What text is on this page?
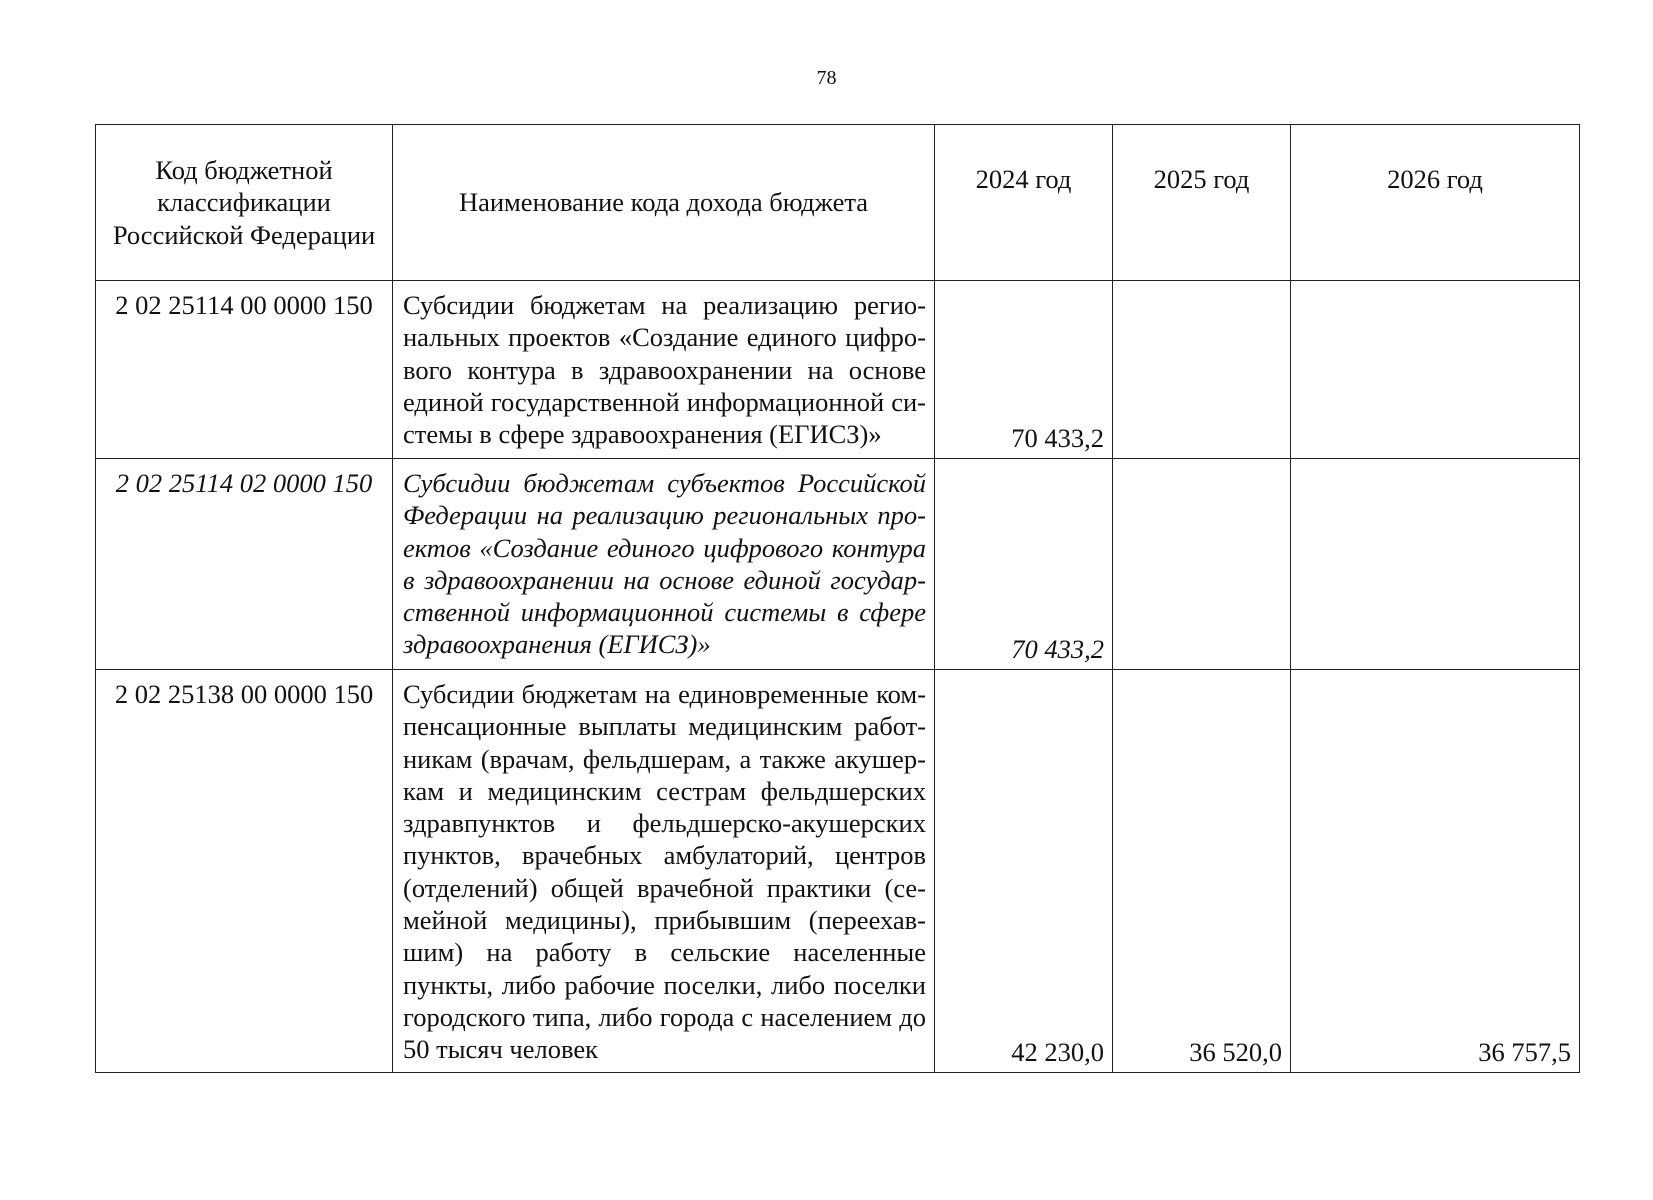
78
Код бюджетной классификации Российской Федерации	Наименование кода дохода бюджета	2024 год	2025 год	2026 год
2 02 25114 00 0000 150	Субсидии бюджетам на реализацию региональных проектов «Создание единого цифрового контура в здравоохранении на основе единой государственной информационной системы в сфере здравоохранения (ЕГИСЗ)»	70 433,2		
2 02 25114 02 0000 150	Субсидии бюджетам субъектов Российской Федерации на реализацию региональных проектов «Создание единого цифрового контура в здравоохранении на основе единой государственной информационной системы в сфере здравоохранения (ЕГИСЗ)»	70 433,2		
2 02 25138 00 0000 150	Субсидии бюджетам на единовременные компенсационные выплаты медицинским работникам (врачам, фельдшерам, а также акушеркам и медицинским сестрам фельдшерских здравпунктов и фельдшерско-акушерских пунктов, врачебных амбулаторий, центров (отделений) общей врачебной практики (семейной медицины), прибывшим (переехавшим) на работу в сельские населенные пункты, либо рабочие поселки, либо поселки городского типа, либо города с населением до 50 тысяч человек	42 230,0	36 520,0	36 757,5
